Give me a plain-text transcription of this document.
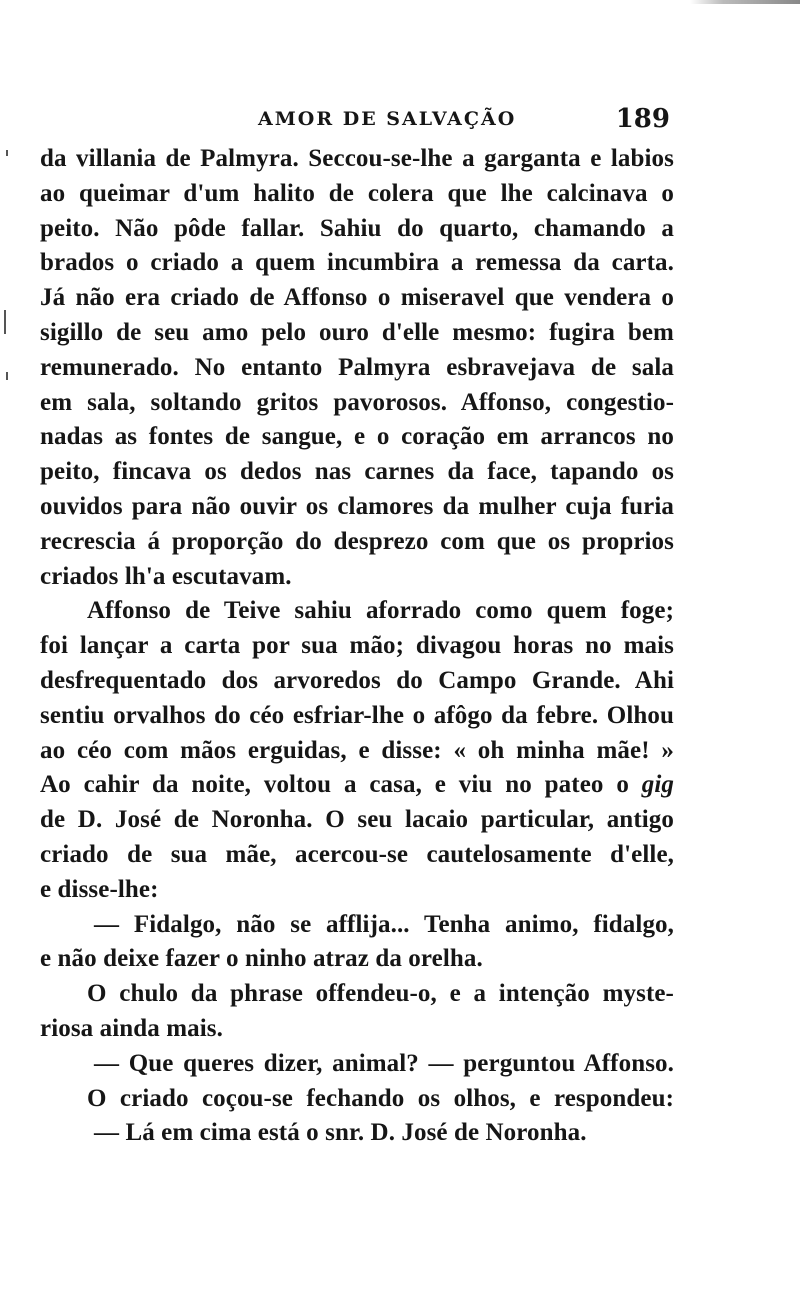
AMOR DE SALVAÇÃO	189
da villania de Palmyra. Seccou-se-lhe a garganta e labios
ao queimar d'um halito de colera que lhe calcinava o
peito. Não pôde fallar. Sahiu do quarto, chamando a
brados o criado a quem incumbira a remessa da carta.
Já não era criado de Affonso o miseravel que vendera o
sigillo de seu amo pelo ouro d'elle mesmo: fugira bem
remunerado. No entanto Palmyra esbravejava de sala
em sala, soltando gritos pavorosos. Affonso, congestio-
nadas as fontes de sangue, e o coração em arrancos no
peito, fincava os dedos nas carnes da face, tapando os
ouvidos para não ouvir os clamores da mulher cuja furia
recrescia á proporção do desprezo com que os proprios
criados lh'a escutavam.
Affonso de Teive sahiu aforrado como quem foge;
foi lançar a carta por sua mão; divagou horas no mais
desfrequentado dos arvoredos do Campo Grande. Ahi
sentiu orvalhos do céo esfriar-lhe o afôgo da febre. Olhou
ao céo com mãos erguidas, e disse: « oh minha mãe! »
Ao cahir da noite, voltou a casa, e viu no pateo o gig
de D. José de Noronha. O seu lacaio particular, antigo
criado de sua mãe, acercou-se cautelosamente d'elle,
e disse-lhe:
— Fidalgo, não se afflija... Tenha animo, fidalgo,
e não deixe fazer o ninho atraz da orelha.
O chulo da phrase offendeu-o, e a intenção myste-
riosa ainda mais.
— Que queres dizer, animal? — perguntou Affonso.
O criado coçou-se fechando os olhos, e respondeu:
— Lá em cima está o snr. D. José de Noronha.
